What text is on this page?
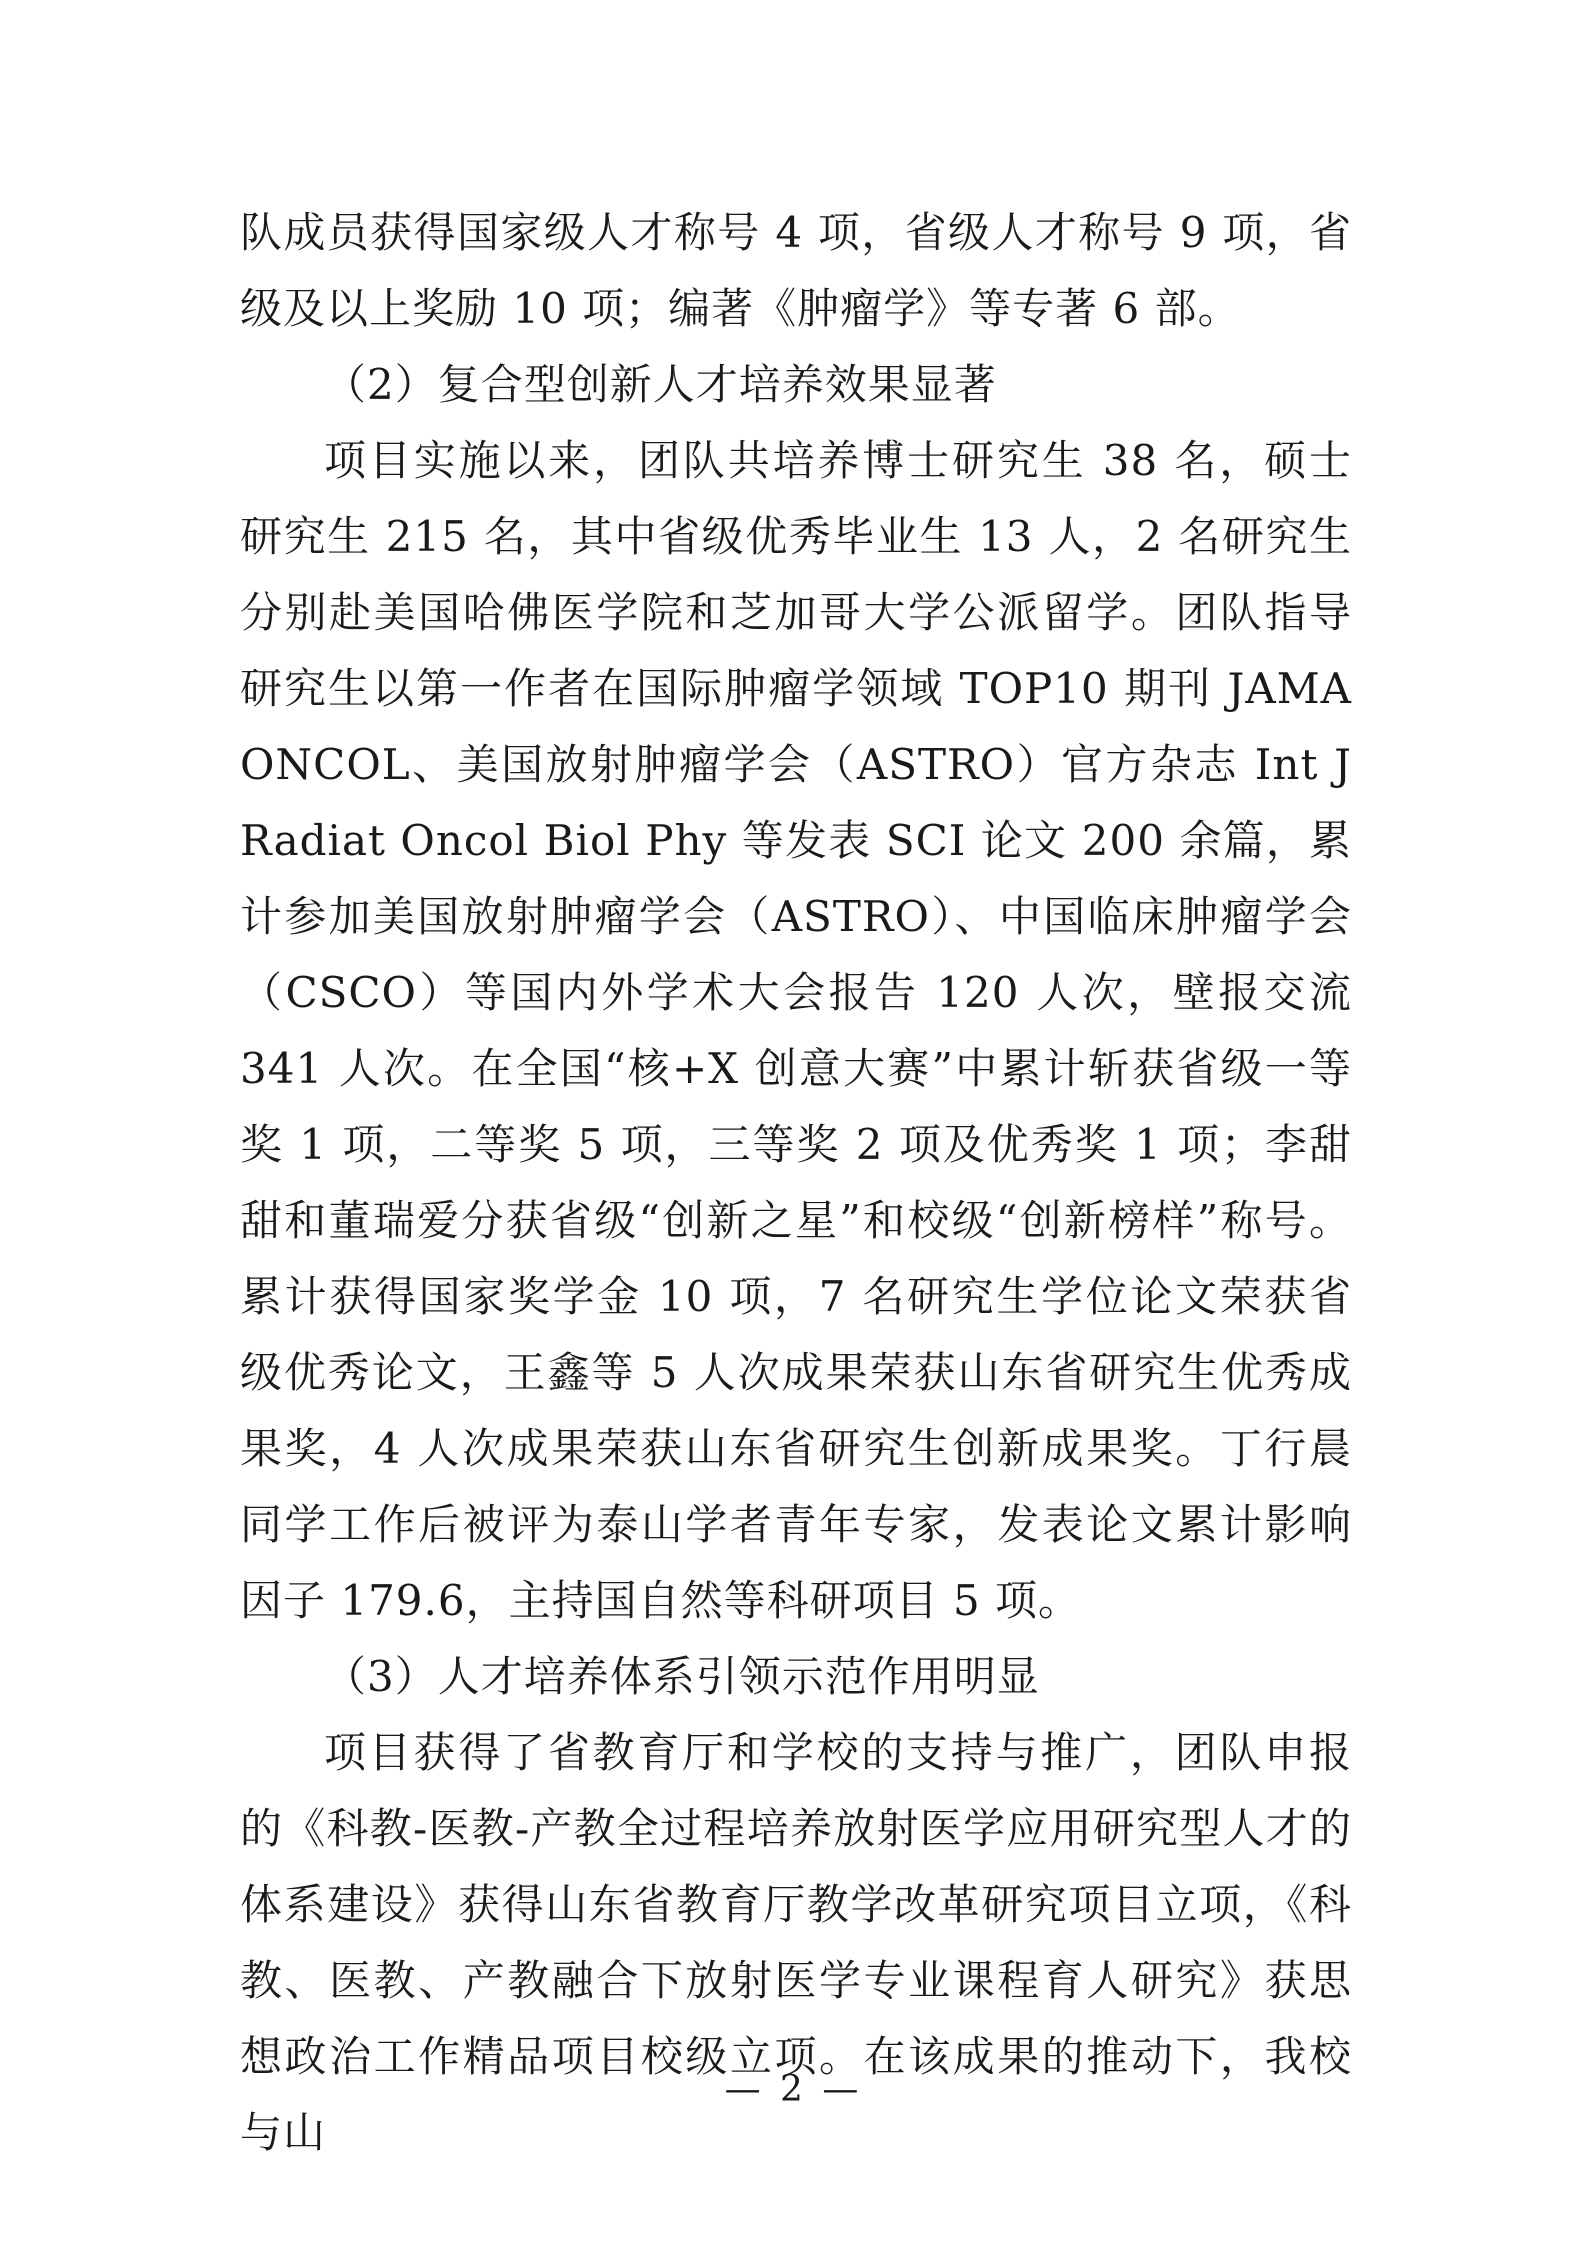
队成员获得国家级人才称号 4 项，省级人才称号 9 项，省级及以上奖励 10 项；编著《肿瘤学》等专著 6 部。

（2）复合型创新人才培养效果显著

项目实施以来，团队共培养博士研究生 38 名，硕士研究生 215 名，其中省级优秀毕业生 13 人，2 名研究生分别赴美国哈佛医学院和芝加哥大学公派留学。团队指导研究生以第一作者在国际肿瘤学领域 TOP10 期刊 JAMA ONCOL、美国放射肿瘤学会（ASTRO）官方杂志 Int J Radiat Oncol Biol Phy 等发表 SCI 论文 200 余篇，累计参加美国放射肿瘤学会（ASTRO）、中国临床肿瘤学会（CSCO）等国内外学术大会报告 120 人次，壁报交流 341 人次。在全国“核+X 创意大赛”中累计斩获省级一等奖 1 项，二等奖 5 项，三等奖 2 项及优秀奖 1 项；李甜甜和董瑞爱分获省级“创新之星”和校级“创新榜样”称号。累计获得国家奖学金 10 项，7 名研究生学位论文荣获省级优秀论文，王鑫等 5 人次成果荣获山东省研究生优秀成果奖，4 人次成果荣获山东省研究生创新成果奖。丁行晨同学工作后被评为泰山学者青年专家，发表论文累计影响因子 179.6，主持国自然等科研项目 5 项。

（3）人才培养体系引领示范作用明显

项目获得了省教育厅和学校的支持与推广，团队申报的《科教-医教-产教全过程培养放射医学应用研究型人才的体系建设》获得山东省教育厅教学改革研究项目立项，《科教、医教、产教融合下放射医学专业课程育人研究》获思想政治工作精品项目校级立项。在该成果的推动下，我校与山

— 2 —
